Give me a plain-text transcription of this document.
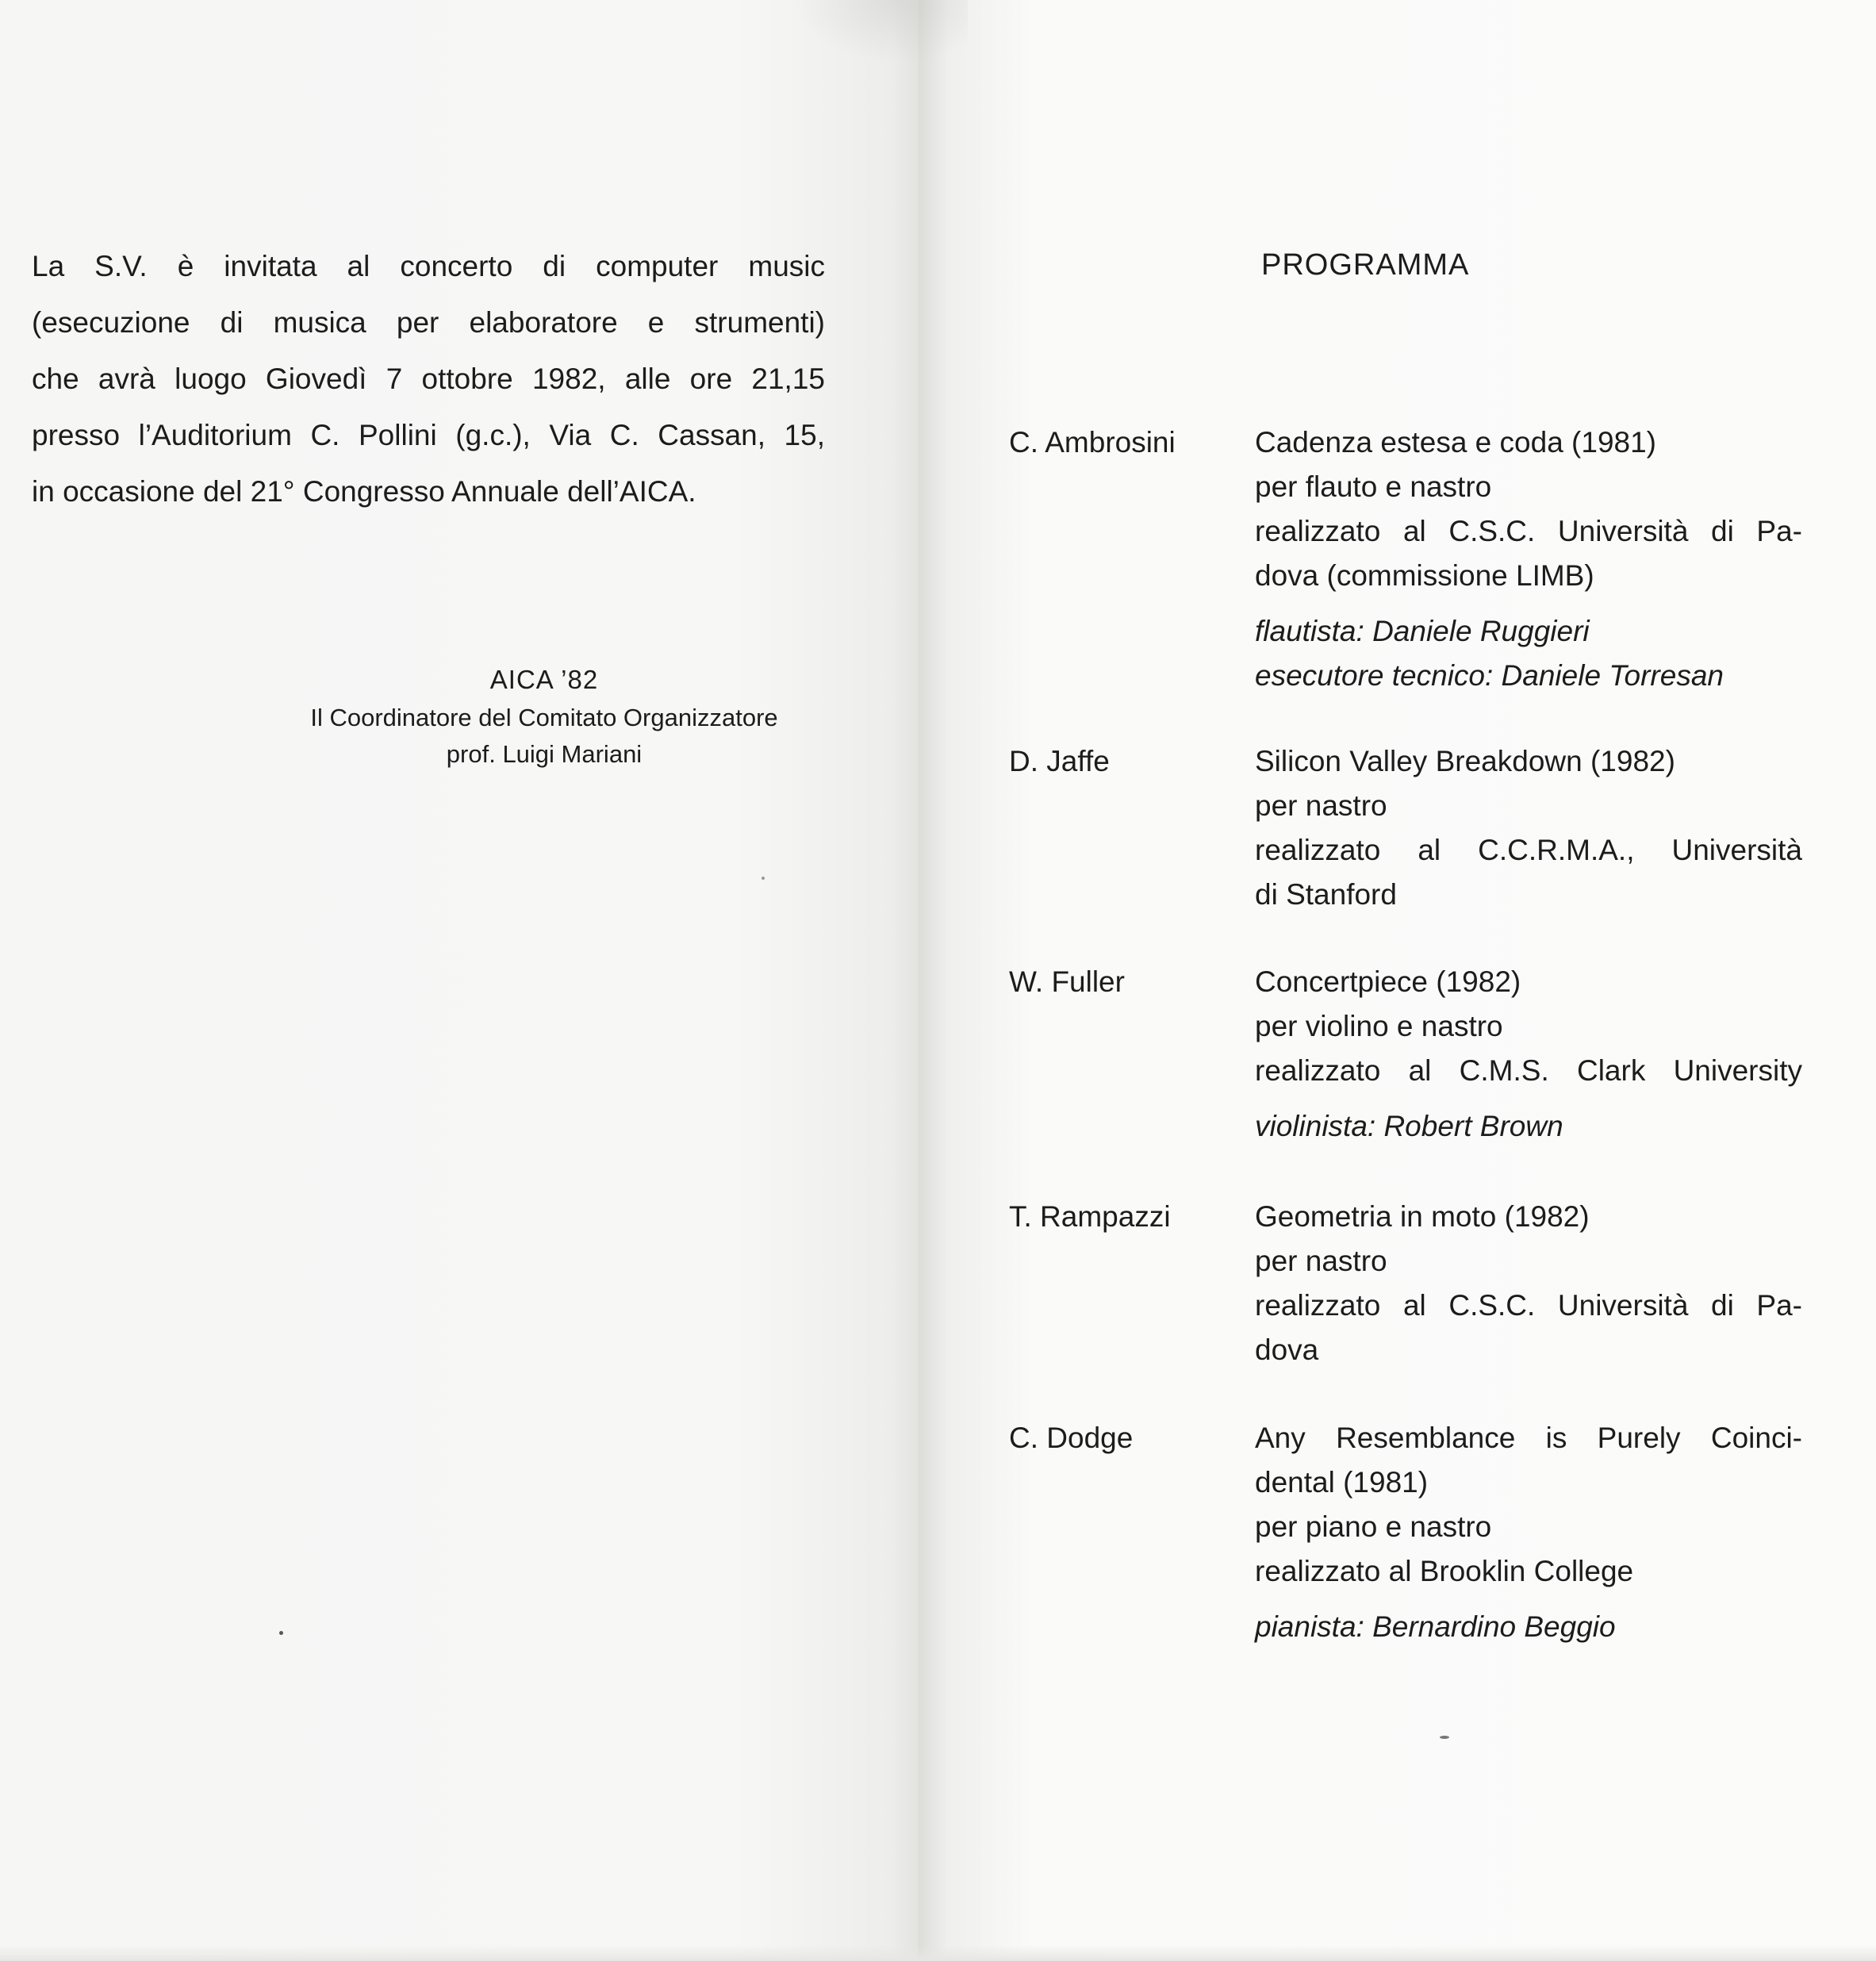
La S.V. è invitata al concerto di computer music
(esecuzione di musica per elaboratore e strumenti)
che avrà luogo Giovedì 7 ottobre 1982, alle ore 21,15
presso l’Auditorium C. Pollini (g.c.), Via C. Cassan, 15,
in occasione del 21° Congresso Annuale dell’AICA.
AICA ’82
Il Coordinatore del Comitato Organizzatore
prof. Luigi Mariani
PROGRAMMA
C. Ambrosini	Cadenza estesa e coda (1981)
per flauto e nastro
realizzato al C.S.C. Università di Pa-
dova (commissione LIMB)
flautista: Daniele Ruggieri
esecutore tecnico: Daniele Torresan
D. Jaffe	Silicon Valley Breakdown (1982)
per nastro
realizzato al C.C.R.M.A., Università
di Stanford
W. Fuller	Concertpiece (1982)
per violino e nastro
realizzato al C.M.S. Clark University
violinista: Robert Brown
T. Rampazzi	Geometria in moto (1982)
per nastro
realizzato al C.S.C. Università di Pa-
dova
C. Dodge	Any Resemblance is Purely Coinci-
dental (1981)
per piano e nastro
realizzato al Brooklin College
pianista: Bernardino Beggio
